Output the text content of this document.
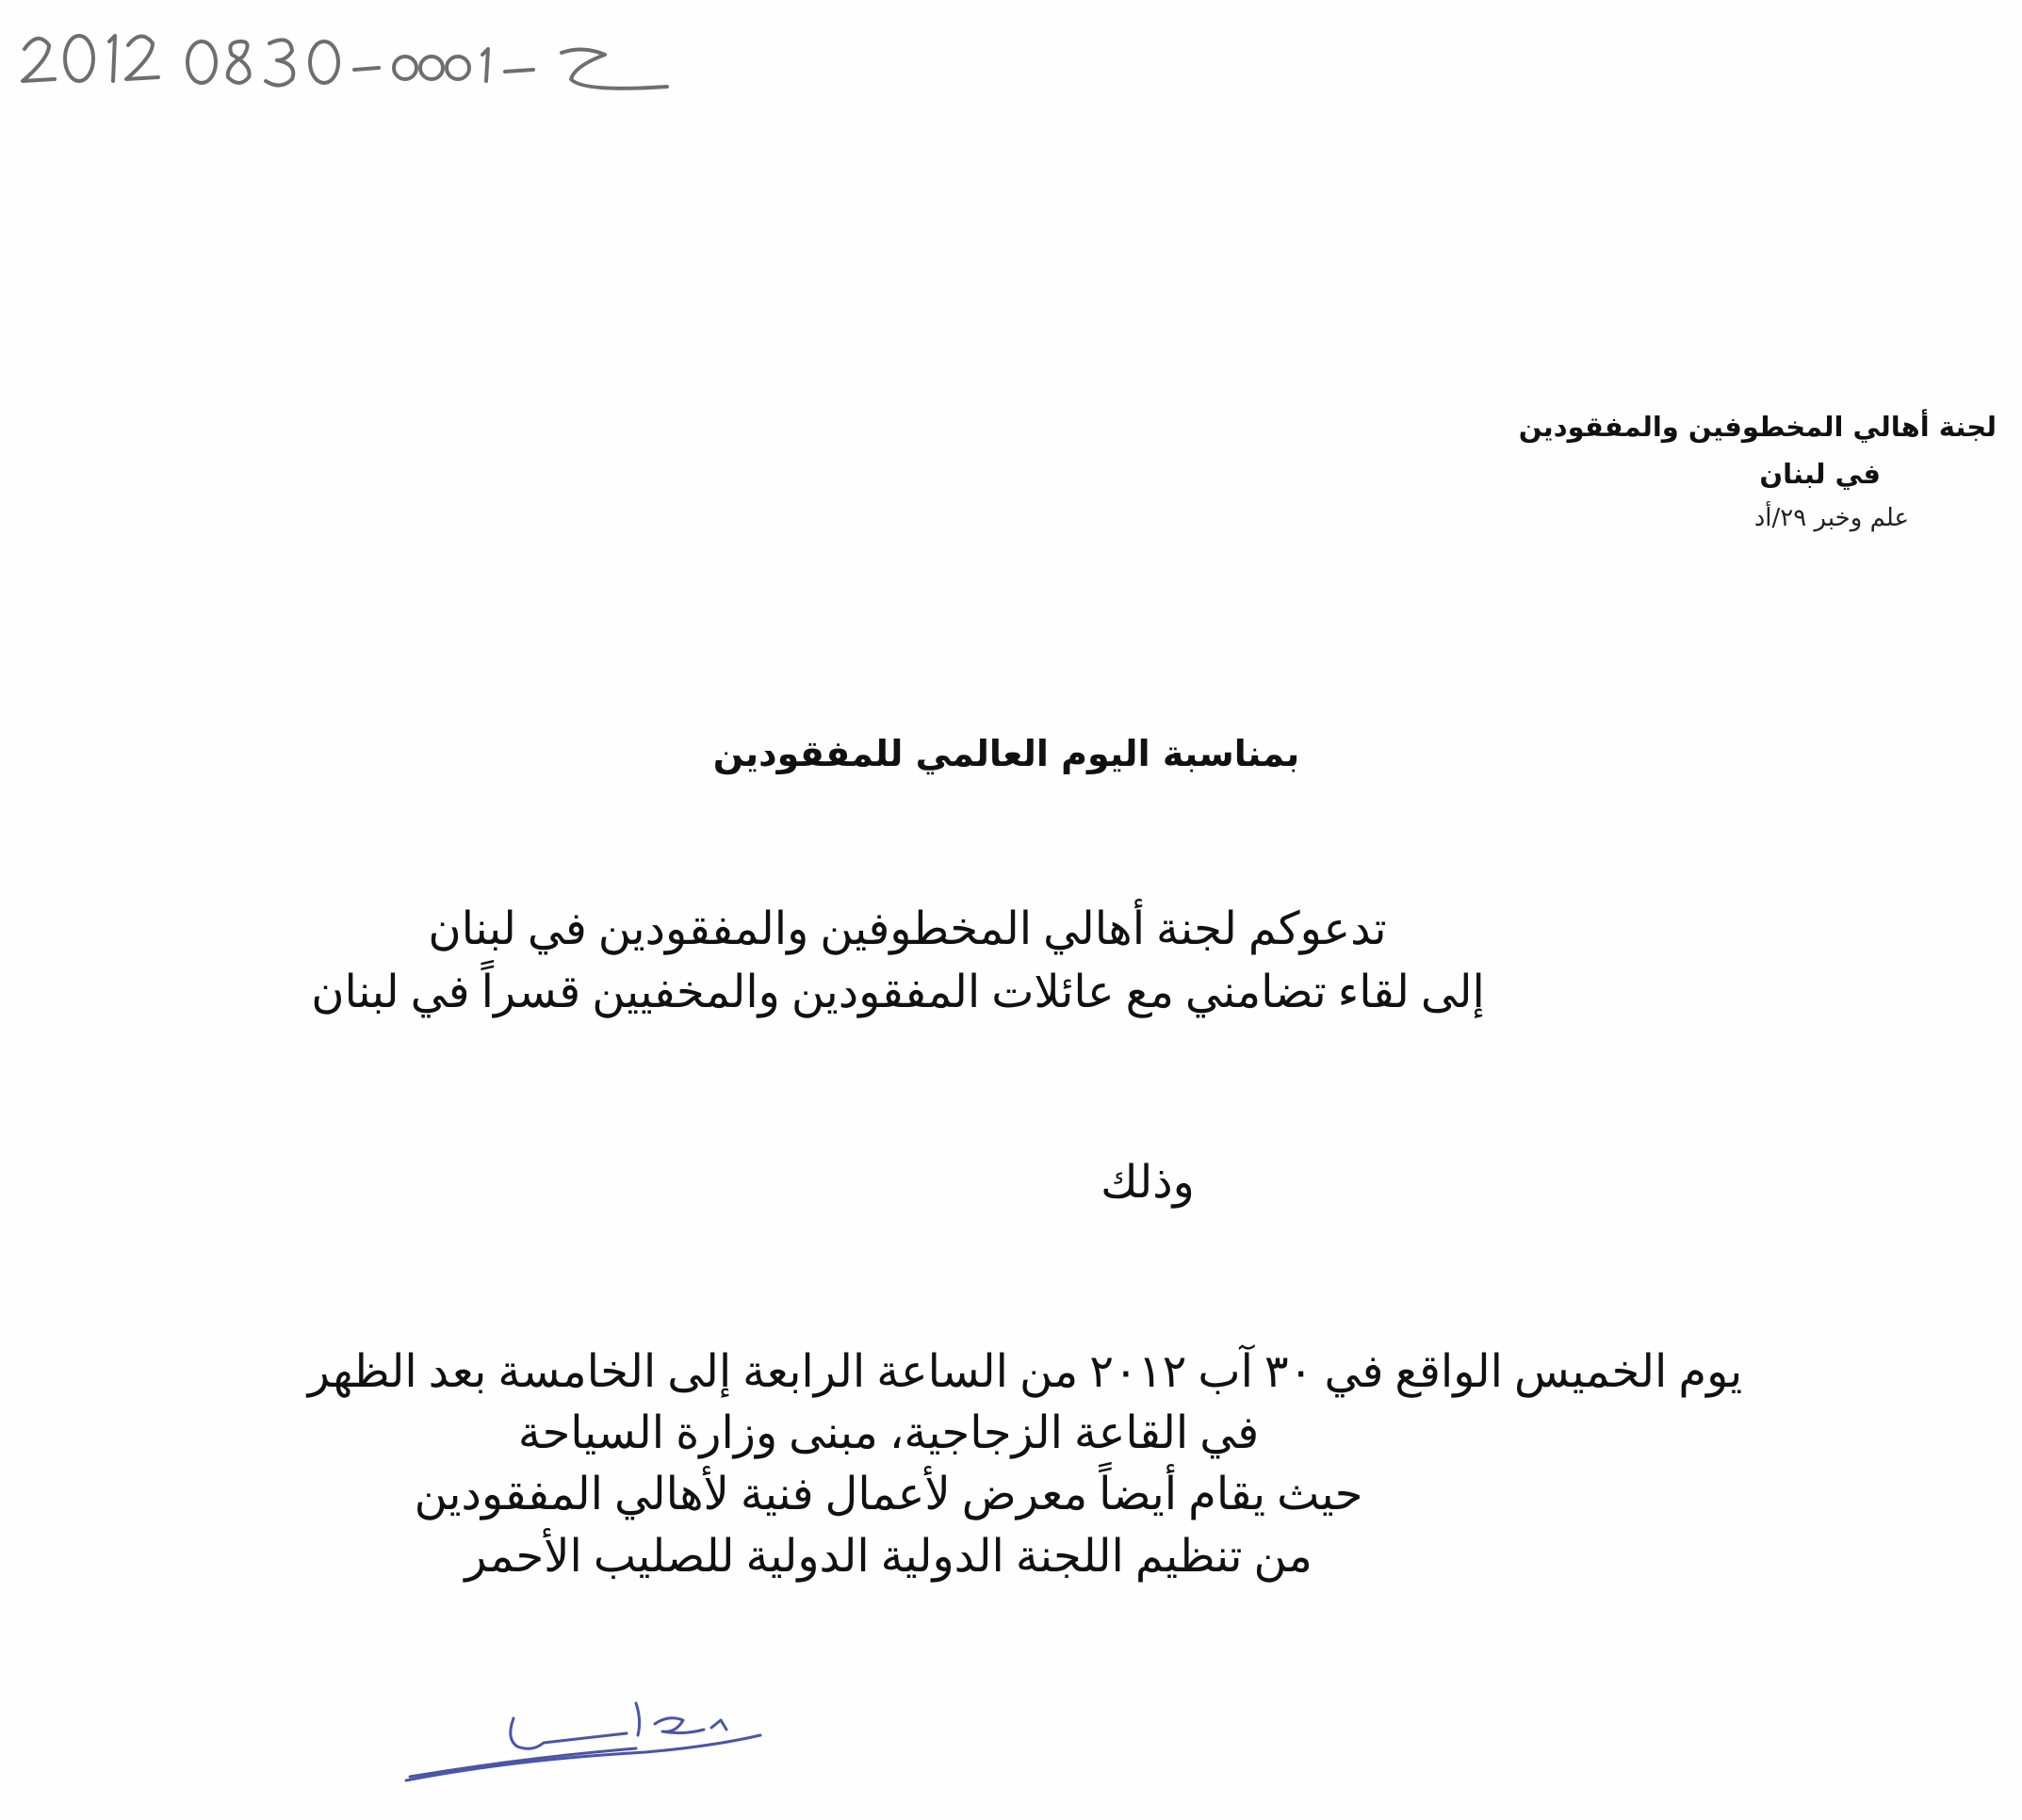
لجنة أهالي المخطوفين والمفقودين
في لبنان
علم وخبر ٢٩/أد
بمناسبة اليوم العالمي للمفقودين
تدعوكم لجنة أهالي المخطوفين والمفقودين في لبنان
إلى لقاء تضامني مع عائلات المفقودين والمخفيين قسراً في لبنان
وذلك
يوم الخميس الواقع في ٣٠ آب ٢٠١٢ من الساعة الرابعة إلى الخامسة بعد الظهر
في القاعة الزجاجية، مبنى وزارة السياحة
حيث يقام أيضاً معرض لأعمال فنية لأهالي المفقودين
من تنظيم اللجنة الدولية الدولية للصليب الأحمر
